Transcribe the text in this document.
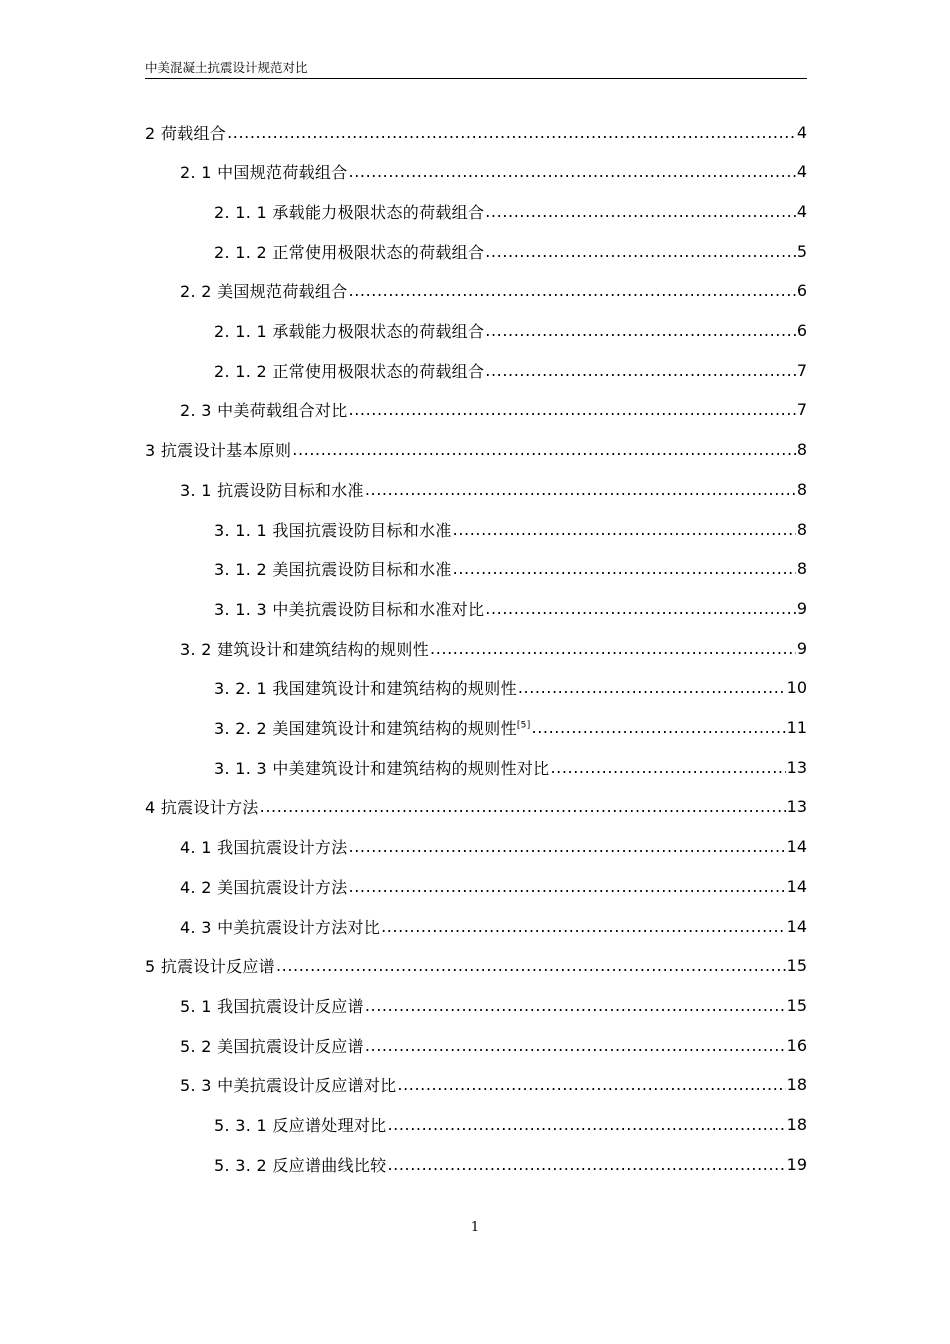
中美混凝土抗震设计规范对比
2 荷载组合 .....	4
2. 1 中国规范荷载组合 .....	4
2. 1. 1 承载能力极限状态的荷载组合 .....	4
2. 1. 2 正常使用极限状态的荷载组合 .....	5
2. 2 美国规范荷载组合 .....	6
2. 1. 1 承载能力极限状态的荷载组合 .....	6
2. 1. 2 正常使用极限状态的荷载组合 .....	7
2. 3 中美荷载组合对比 .....	7
3 抗震设计基本原则 .....	8
3. 1 抗震设防目标和水准 .....	8
3. 1. 1 我国抗震设防目标和水准 .....	8
3. 1. 2 美国抗震设防目标和水准 .....	8
3. 1. 3 中美抗震设防目标和水准对比 .....	9
3. 2 建筑设计和建筑结构的规则性 .....	9
3. 2. 1 我国建筑设计和建筑结构的规则性 .....	10
3. 2. 2 美国建筑设计和建筑结构的规则性[5] .....	11
3. 1. 3 中美建筑设计和建筑结构的规则性对比 .....	13
4 抗震设计方法 .....	13
4. 1 我国抗震设计方法 .....	14
4. 2 美国抗震设计方法 .....	14
4. 3 中美抗震设计方法对比 .....	14
5 抗震设计反应谱 .....	15
5. 1 我国抗震设计反应谱 .....	15
5. 2 美国抗震设计反应谱 .....	16
5. 3 中美抗震设计反应谱对比 .....	18
5. 3. 1 反应谱处理对比 .....	18
5. 3. 2 反应谱曲线比较 .....	19
1
